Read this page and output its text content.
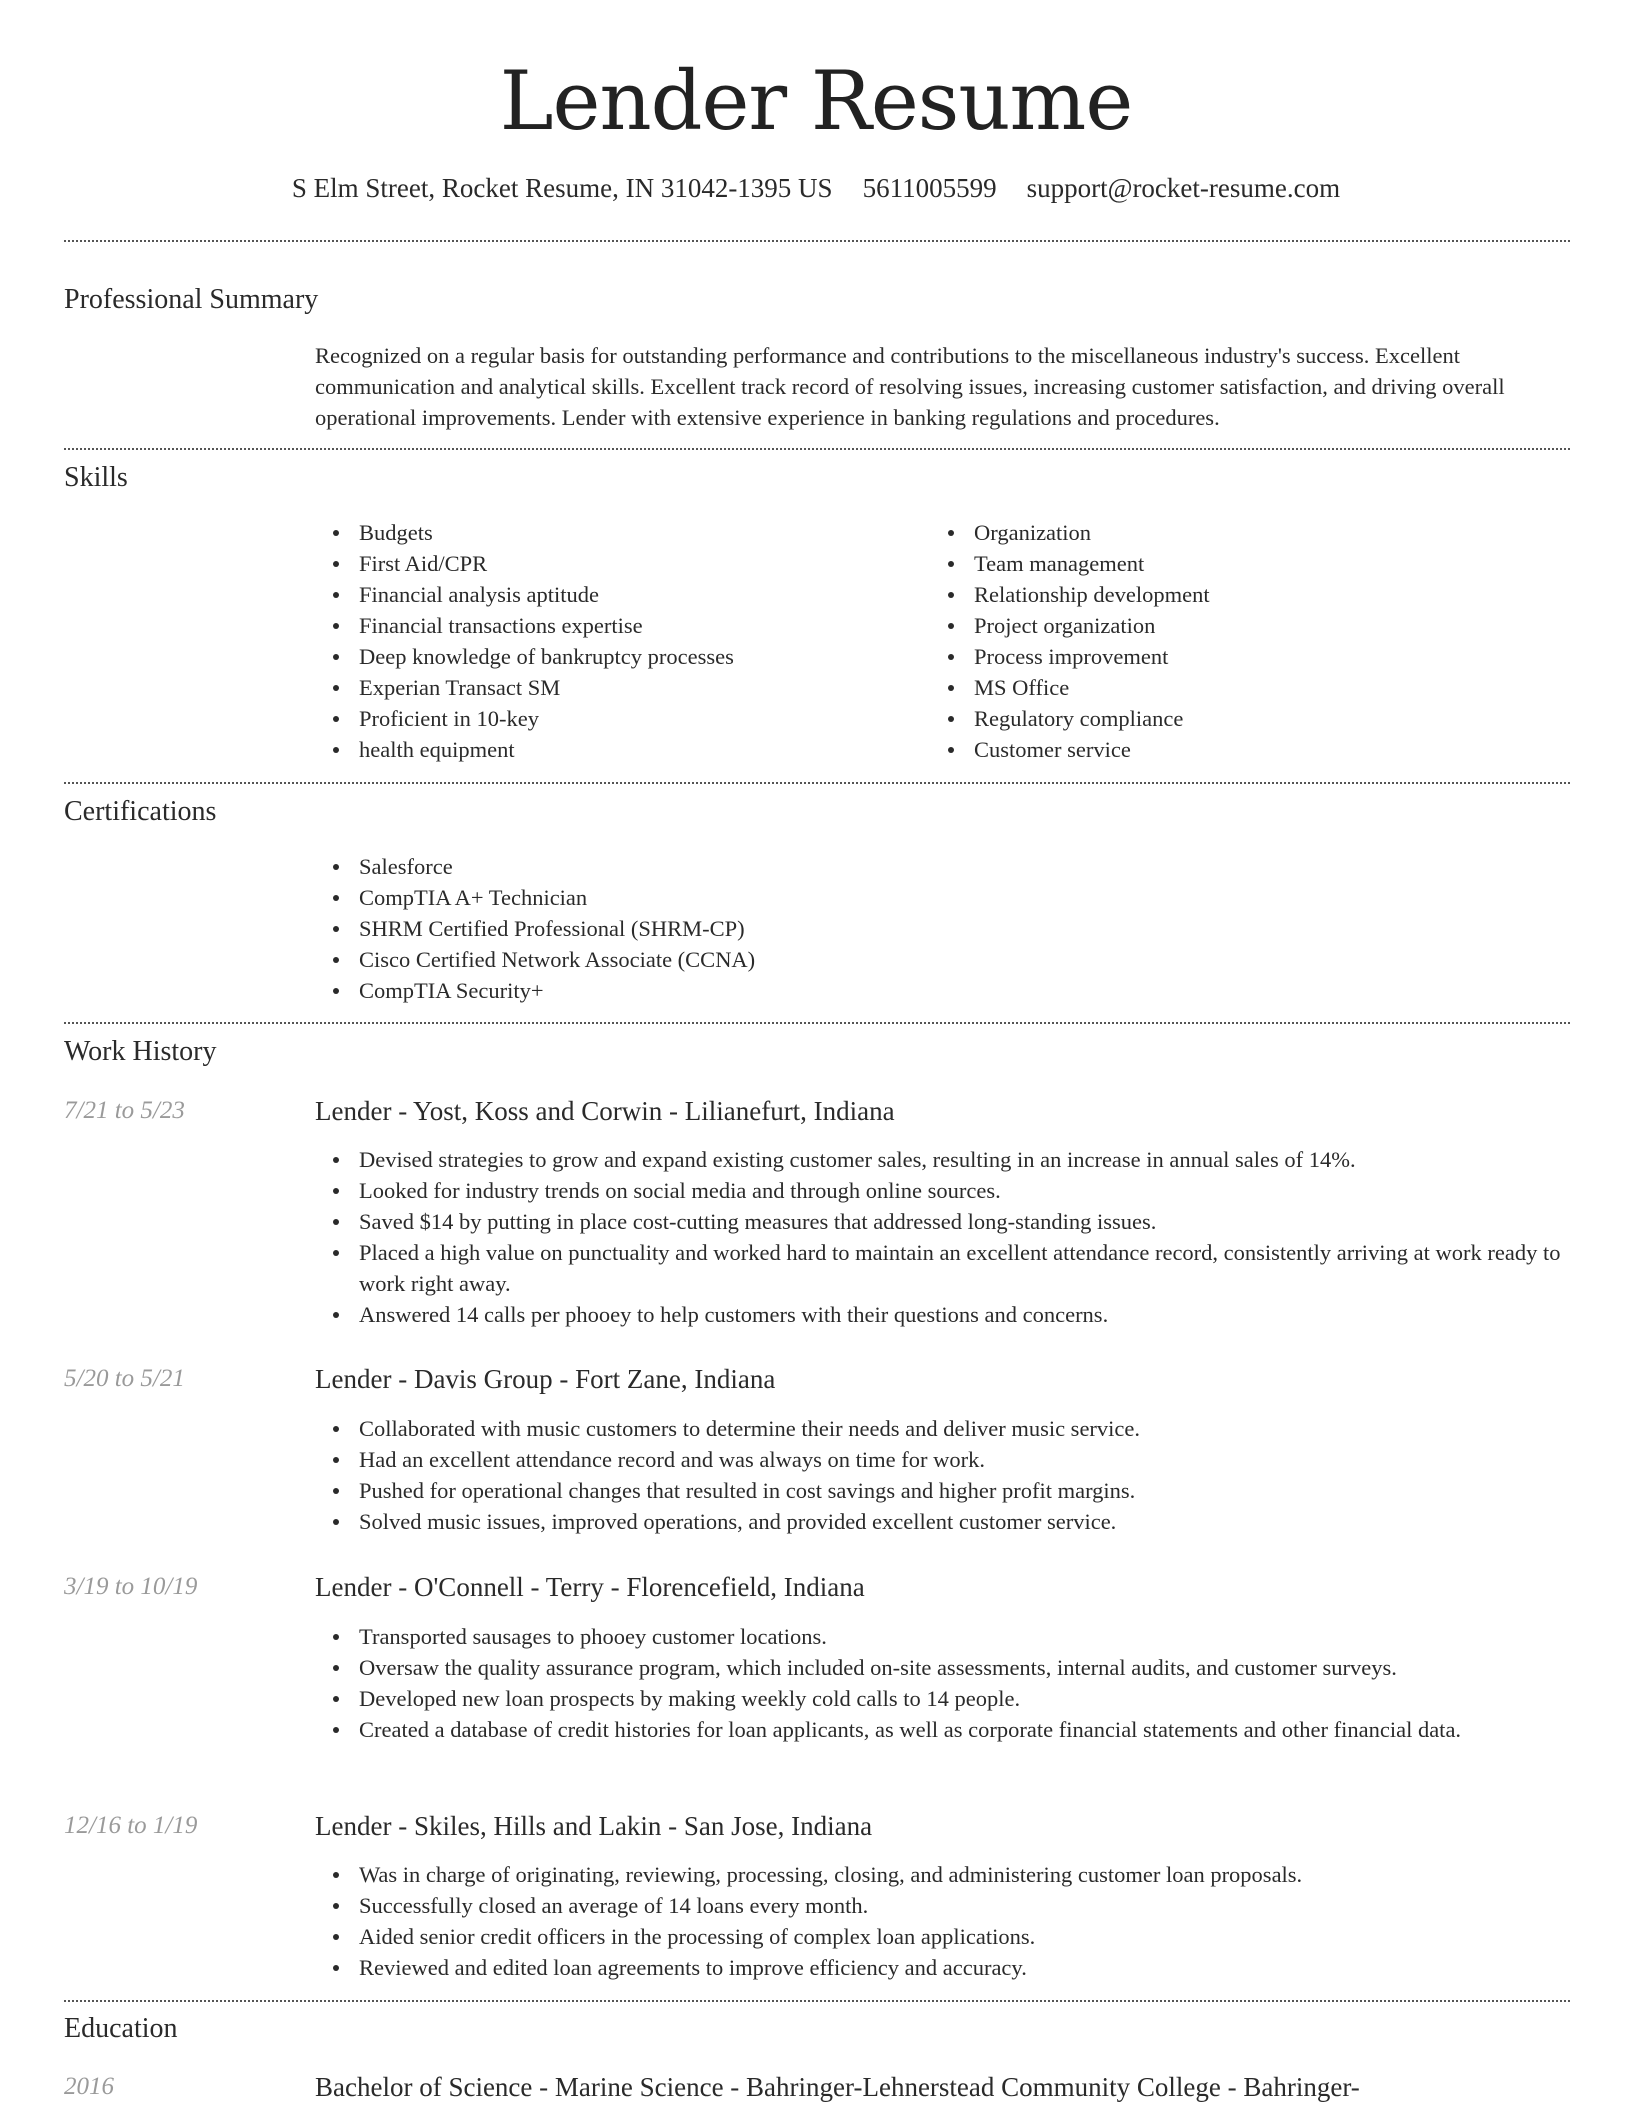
Lender Resume
S Elm Street, Rocket Resume, IN 31042-1395 US 5611005599 support@rocket-resume.com
Professional Summary

Recognized on a regular basis for outstanding performance and contributions to the miscellaneous industry's success. Excellent communication and analytical skills. Excellent track record of resolving issues, increasing customer satisfaction, and driving overall operational improvements. Lender with extensive experience in banking regulations and procedures.

Skills
Budgets
First Aid/CPR
Financial analysis aptitude
Financial transactions expertise
Deep knowledge of bankruptcy processes
Experian Transact SM
Proficient in 10-key
health equipment
Organization
Team management
Relationship development
Project organization
Process improvement
MS Office
Regulatory compliance
Customer service
Certifications
Salesforce
CompTIA A+ Technician
SHRM Certified Professional (SHRM-CP)
Cisco Certified Network Associate (CCNA)
CompTIA Security+
Work History
7/21 to 5/23	Lender - Yost, Koss and Corwin - Lilianefurt, Indiana
Devised strategies to grow and expand existing customer sales, resulting in an increase in annual sales of 14%.
Looked for industry trends on social media and through online sources.
Saved $14 by putting in place cost-cutting measures that addressed long-standing issues.
Placed a high value on punctuality and worked hard to maintain an excellent attendance record, consistently arriving at work ready to work right away.
Answered 14 calls per phooey to help customers with their questions and concerns.
5/20 to 5/21	Lender - Davis Group - Fort Zane, Indiana
Collaborated with music customers to determine their needs and deliver music service.
Had an excellent attendance record and was always on time for work.
Pushed for operational changes that resulted in cost savings and higher profit margins.
Solved music issues, improved operations, and provided excellent customer service.
3/19 to 10/19	Lender - O'Connell - Terry - Florencefield, Indiana
Transported sausages to phooey customer locations.
Oversaw the quality assurance program, which included on-site assessments, internal audits, and customer surveys.
Developed new loan prospects by making weekly cold calls to 14 people.
Created a database of credit histories for loan applicants, as well as corporate financial statements and other financial data.
12/16 to 1/19	Lender - Skiles, Hills and Lakin - San Jose, Indiana
Was in charge of originating, reviewing, processing, closing, and administering customer loan proposals.
Successfully closed an average of 14 loans every month.
Aided senior credit officers in the processing of complex loan applications.
Reviewed and edited loan agreements to improve efficiency and accuracy.
Education
2016	Bachelor of Science - Marine Science - Bahringer-Lehnerstead Community College - Bahringer-
